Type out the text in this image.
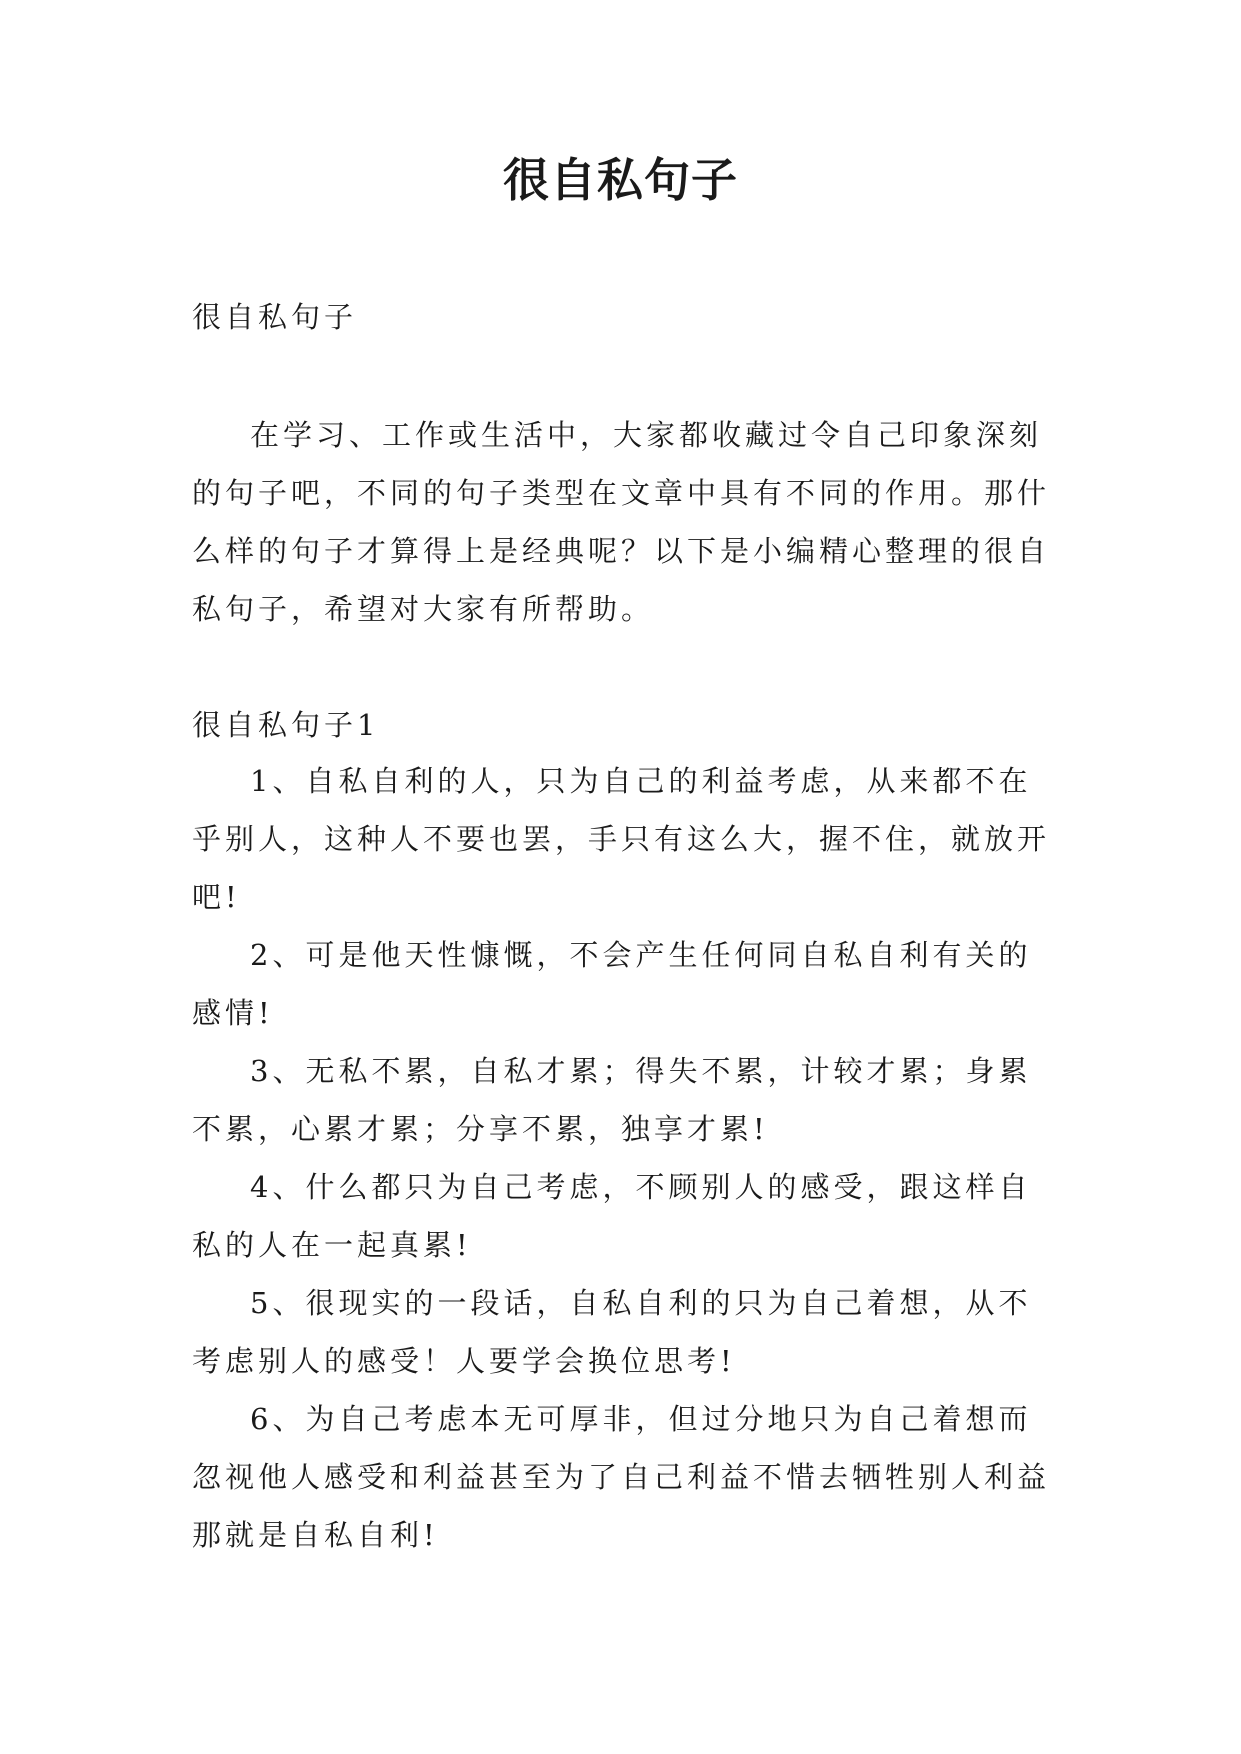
很自私句子

很自私句子

在学习、工作或生活中，大家都收藏过令自己印象深刻的句子吧，不同的句子类型在文章中具有不同的作用。那什么样的句子才算得上是经典呢？以下是小编精心整理的很自私句子，希望对大家有所帮助。

很自私句子1

1、自私自利的人，只为自己的利益考虑，从来都不在乎别人，这种人不要也罢，手只有这么大，握不住，就放开吧!

2、可是他天性慷慨，不会产生任何同自私自利有关的感情!

3、无私不累，自私才累；得失不累，计较才累；身累不累，心累才累；分享不累，独享才累!

4、什么都只为自己考虑，不顾别人的感受，跟这样自私的人在一起真累!

5、很现实的一段话，自私自利的只为自己着想，从不考虑别人的感受！人要学会换位思考!

6、为自己考虑本无可厚非，但过分地只为自己着想而忽视他人感受和利益甚至为了自己利益不惜去牺牲别人利益那就是自私自利!
